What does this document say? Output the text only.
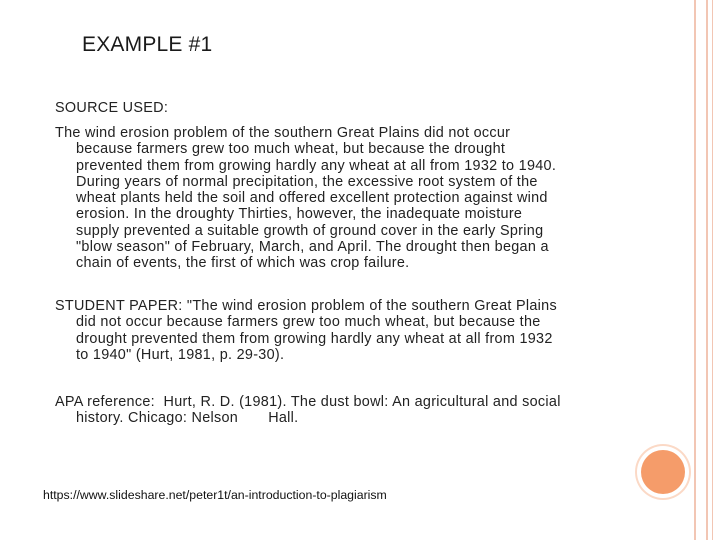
EXAMPLE #1
SOURCE USED:
The wind erosion problem of the southern Great Plains did not occur
because farmers grew too much wheat, but because the drought
prevented them from growing hardly any wheat at all from 1932 to 1940.
During years of normal precipitation, the excessive root system of the
wheat plants held the soil and offered excellent protection against wind
erosion. In the droughty Thirties, however, the inadequate moisture
supply prevented a suitable growth of ground cover in the early Spring
"blow season" of February, March, and April. The drought then began a
chain of events, the first of which was crop failure.
STUDENT PAPER: "The wind erosion problem of the southern Great Plains
did not occur because farmers grew too much wheat, but because the
drought prevented them from growing hardly any wheat at all from 1932
to 1940" (Hurt, 1981, p. 29-30).
APA reference:  Hurt, R. D. (1981). The dust bowl: An agricultural and social
history. Chicago: Nelson       Hall.
https://www.slideshare.net/peter1t/an-introduction-to-plagiarism
